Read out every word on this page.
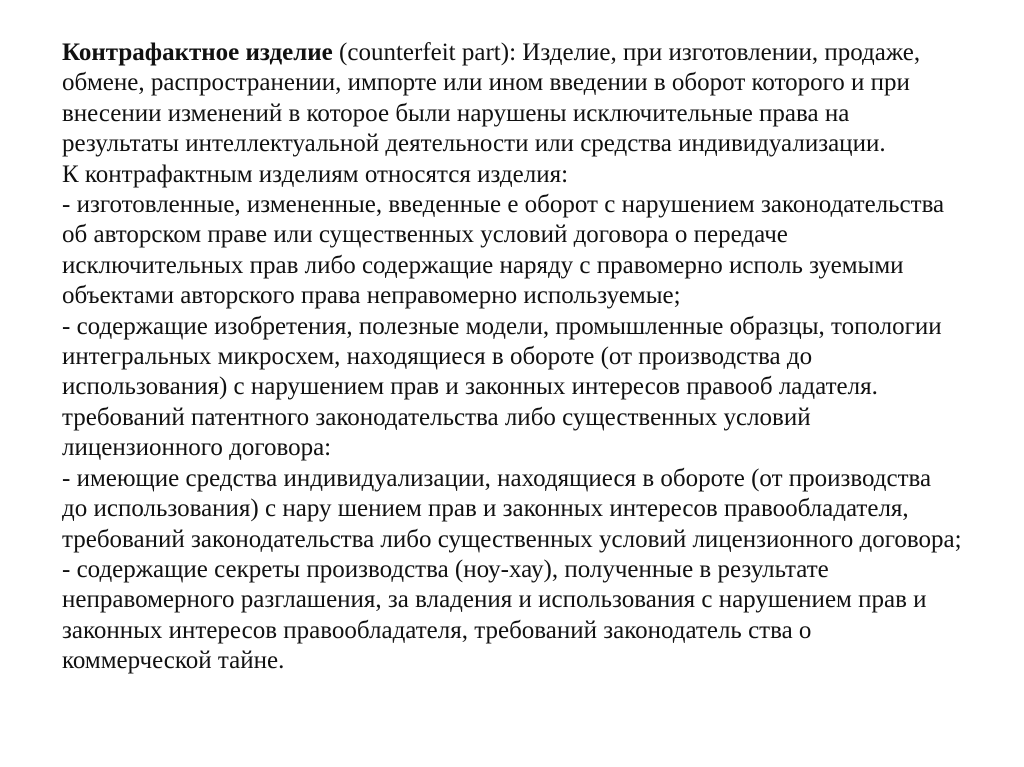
Контрафактное изделие (counterfeit part): Изделие, при изготовлении, продаже,
обмене, распространении, импорте или ином введении в оборот которого и при
внесении изменений в которое были нарушены исключительные права на
результаты интеллектуальной деятельности или средства индивидуализации.
К контрафактным изделиям относятся изделия:
- изготовленные, измененные, введенные е оборот с нарушением законодательства
об авторском праве или существенных условий договора о передаче
исключительных прав либо содержащие наряду с правомерно исполь зуемыми
объектами авторского права неправомерно используемые;
- содержащие изобретения, полезные модели, промышленные образцы, топологии
интегральных микросхем, находящиеся в обороте (от производства до
использования) с нарушением прав и законных интересов правооб ладателя.
требований патентного законодательства либо существенных условий
лицензионного договора:
- имеющие средства индивидуализации, находящиеся в обороте (от производства
до использования) с нару шением прав и законных интересов правообладателя,
требований законодательства либо существенных условий лицензионного договора;
- содержащие секреты производства (ноу-хау), полученные в результате
неправомерного разглашения, за владения и использования с нарушением прав и
законных интересов правообладателя, требований законодатель ства о
коммерческой тайне.
